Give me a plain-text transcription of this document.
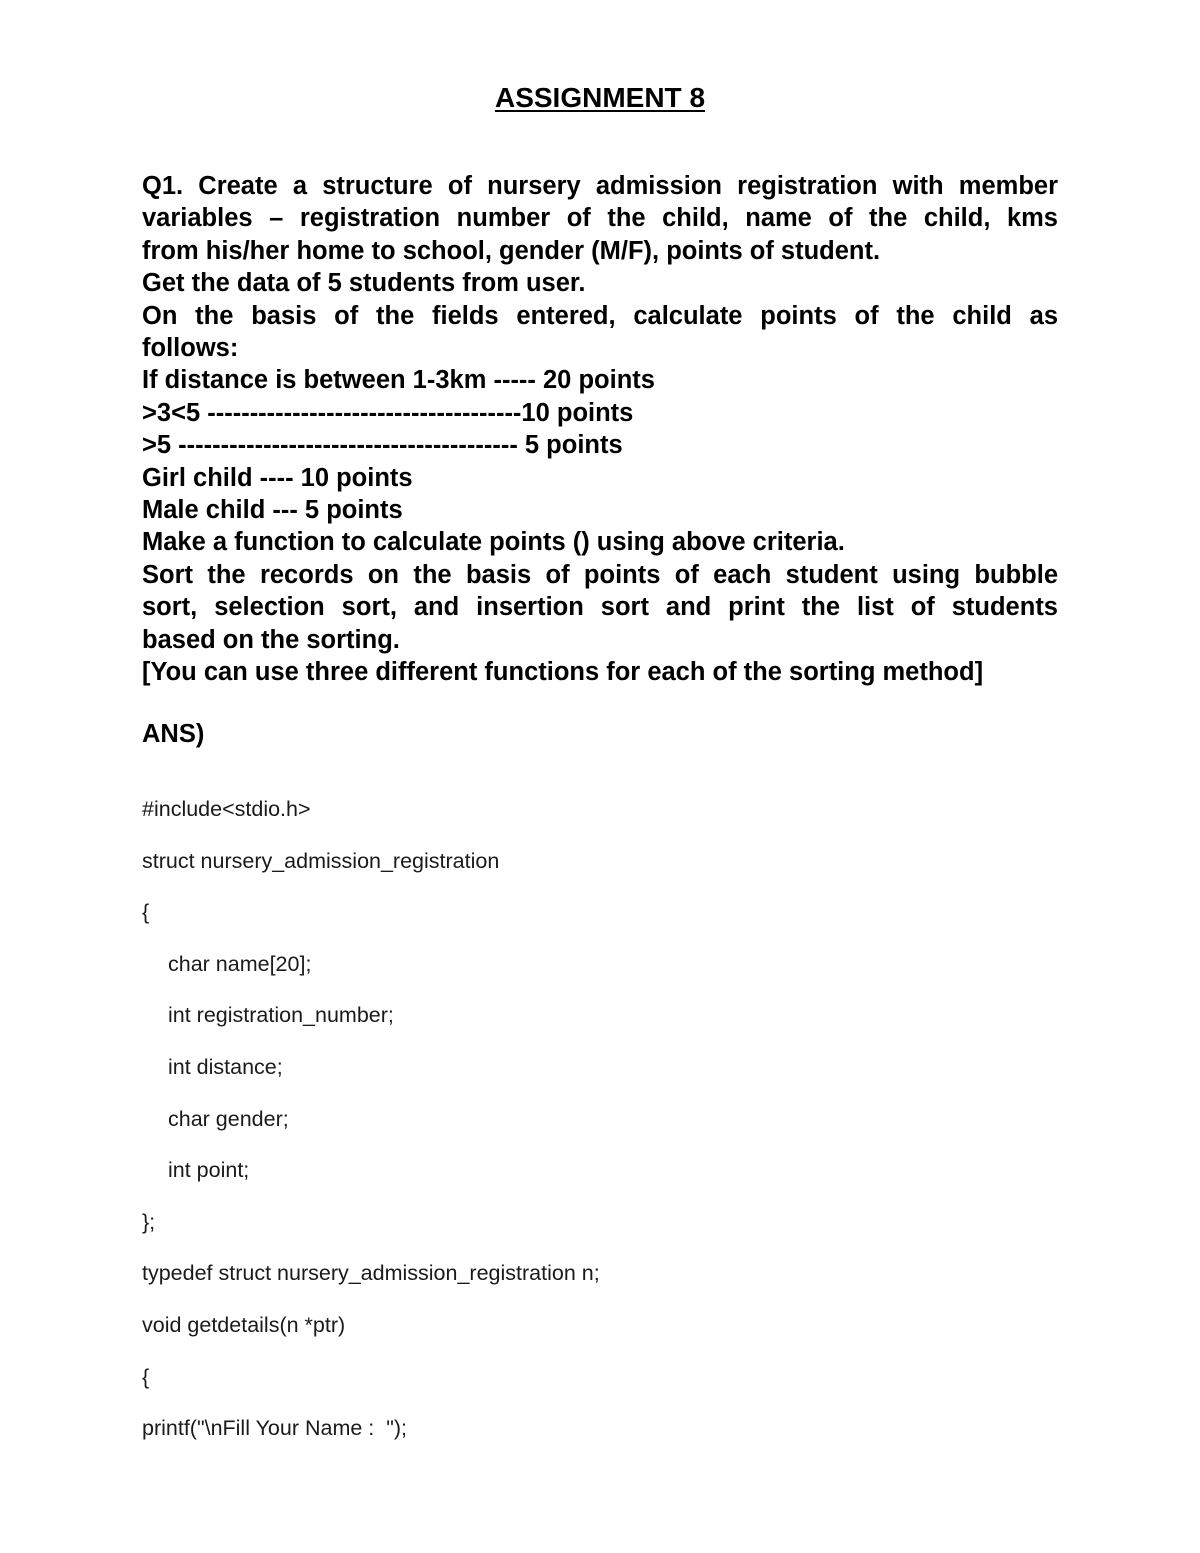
ASSIGNMENT 8
Q1. Create a structure of nursery admission registration with member
variables – registration number of the child, name of the child, kms
from his/her home to school, gender (M/F), points of student.
Get the data of 5 students from user.
On the basis of the fields entered, calculate points of the child as
follows:
If distance is between 1-3km ----- 20 points
>3<5 -------------------------------------10 points
>5 ---------------------------------------- 5 points
Girl child ---- 10 points
Male child --- 5 points
Make a function to calculate points () using above criteria.
Sort the records on the basis of points of each student using bubble
sort, selection sort, and insertion sort and print the list of students
based on the sorting.
[You can use three different functions for each of the sorting method]
ANS)
#include<stdio.h>
struct nursery_admission_registration
{
char name[20];
int registration_number;
int distance;
char gender;
int point;
};
typedef struct nursery_admission_registration n;
void getdetails(n *ptr)
{
printf("\nFill Your Name :  ");
